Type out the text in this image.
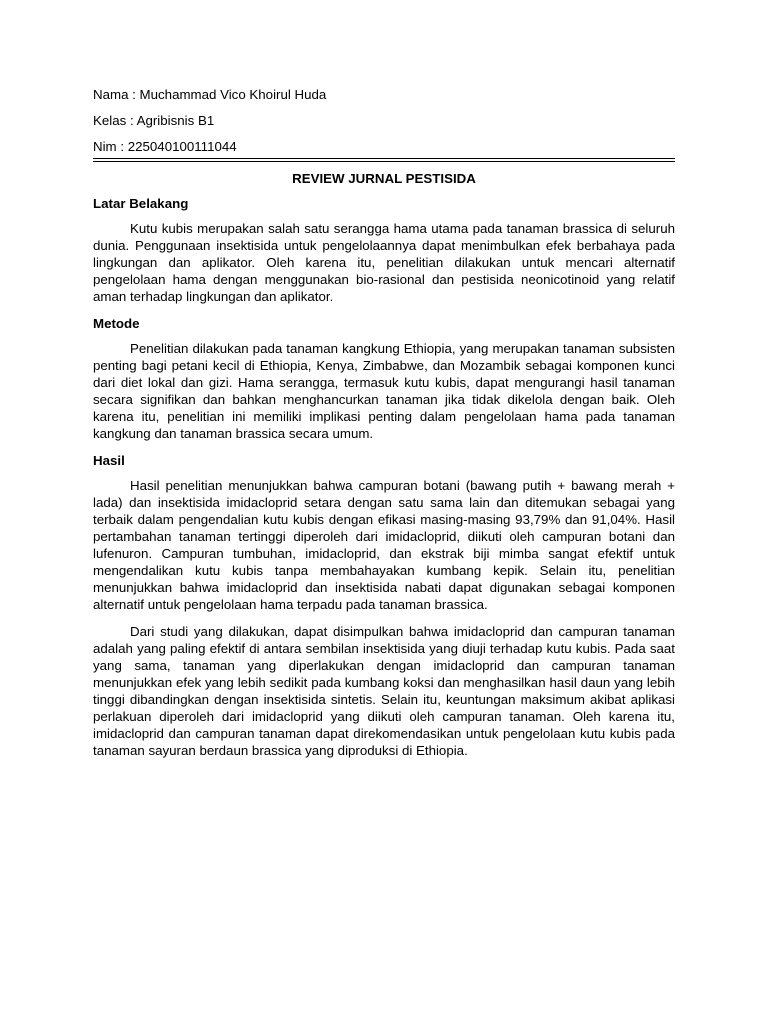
Nama : Muchammad Vico Khoirul Huda
Kelas : Agribisnis B1
Nim : 225040100111044
REVIEW JURNAL PESTISIDA
Latar Belakang

Kutu kubis merupakan salah satu serangga hama utama pada tanaman brassica di seluruh dunia. Penggunaan insektisida untuk pengelolaannya dapat menimbulkan efek berbahaya pada lingkungan dan aplikator. Oleh karena itu, penelitian dilakukan untuk mencari alternatif pengelolaan hama dengan menggunakan bio-rasional dan pestisida neonicotinoid yang relatif aman terhadap lingkungan dan aplikator.

Metode

Penelitian dilakukan pada tanaman kangkung Ethiopia, yang merupakan tanaman subsisten penting bagi petani kecil di Ethiopia, Kenya, Zimbabwe, dan Mozambik sebagai komponen kunci dari diet lokal dan gizi. Hama serangga, termasuk kutu kubis, dapat mengurangi hasil tanaman secara signifikan dan bahkan menghancurkan tanaman jika tidak dikelola dengan baik. Oleh karena itu, penelitian ini memiliki implikasi penting dalam pengelolaan hama pada tanaman kangkung dan tanaman brassica secara umum.

Hasil

Hasil penelitian menunjukkan bahwa campuran botani (bawang putih + bawang merah + lada) dan insektisida imidacloprid setara dengan satu sama lain dan ditemukan sebagai yang terbaik dalam pengendalian kutu kubis dengan efikasi masing-masing 93,79% dan 91,04%. Hasil pertambahan tanaman tertinggi diperoleh dari imidacloprid, diikuti oleh campuran botani dan lufenuron. Campuran tumbuhan, imidacloprid, dan ekstrak biji mimba sangat efektif untuk mengendalikan kutu kubis tanpa membahayakan kumbang kepik. Selain itu, penelitian menunjukkan bahwa imidacloprid dan insektisida nabati dapat digunakan sebagai komponen alternatif untuk pengelolaan hama terpadu pada tanaman brassica.

Dari studi yang dilakukan, dapat disimpulkan bahwa imidacloprid dan campuran tanaman adalah yang paling efektif di antara sembilan insektisida yang diuji terhadap kutu kubis. Pada saat yang sama, tanaman yang diperlakukan dengan imidacloprid dan campuran tanaman menunjukkan efek yang lebih sedikit pada kumbang koksi dan menghasilkan hasil daun yang lebih tinggi dibandingkan dengan insektisida sintetis. Selain itu, keuntungan maksimum akibat aplikasi perlakuan diperoleh dari imidacloprid yang diikuti oleh campuran tanaman. Oleh karena itu, imidacloprid dan campuran tanaman dapat direkomendasikan untuk pengelolaan kutu kubis pada tanaman sayuran berdaun brassica yang diproduksi di Ethiopia.
